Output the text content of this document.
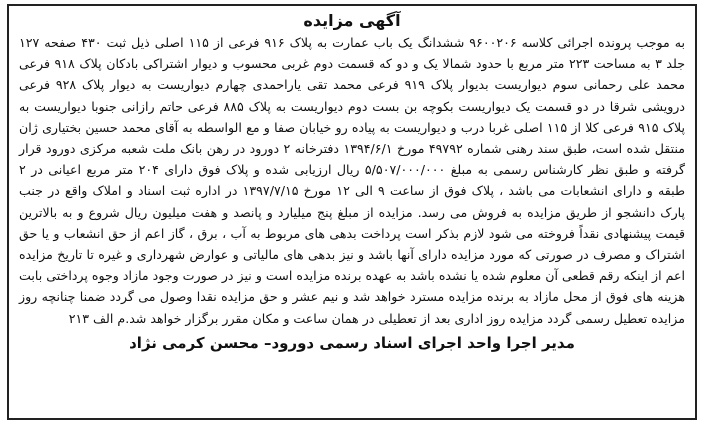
آگهی مزایده
به موجب پرونده اجرائی کلاسه ۹۶۰۰۲۰۶ ششدانگ یک باب عمارت به پلاک ۹۱۶ فرعی از ۱۱۵ اصلی ذیل ثبت ۴۳۰ صفحه ۱۲۷ جلد ۳ به مساحت ۲۲۳ متر مربع با حدود شمالا یک و دو که قسمت دوم غربی محسوب و دیوار اشتراکی بادکان پلاک ۹۱۸ فرعی محمد علی رحمانی سوم دیواریست بدیوار پلاک ۹۱۹ فرعی محمد تقی یاراحمدی چهارم دیواریست به دیوار پلاک ۹۲۸ فرعی درویشی شرقا در دو قسمت یک دیواریست بکوچه بن بست دوم دیواریست به پلاک ۸۸۵ فرعی حاتم رازانی جنوبا دیواریست به پلاک ۹۱۵ فرعی کلا از ۱۱۵ اصلی غربا درب و دیواریست به پیاده رو خیابان صفا و مع الواسطه به آقای محمد حسین بختیاری ژان منتقل شده است، طبق سند رهنی شماره ۴۹۷۹۲ مورخ ۱۳۹۴/۶/۱ دفترخانه ۲ دورود در رهن بانک ملت شعبه مرکزی دورود قرار گرفته و طبق نظر کارشناس رسمی به مبلغ ۵/۵۰۷/۰۰۰/۰۰۰ ریال ارزیابی شده و پلاک فوق دارای ۲۰۴ متر مربع اعیانی در ۲ طبقه و دارای انشعابات می باشد ، پلاک فوق از ساعت ۹ الی ۱۲ مورخ ۱۳۹۷/۷/۱۵ در اداره ثبت اسناد و املاک واقع در جنب پارک دانشجو از طریق مزایده به فروش می رسد. مزایده از مبلغ پنج میلیارد و پانصد و هفت میلیون ریال شروع و به بالاترین قیمت پیشنهادی نقداً فروخته می شود لازم بذکر است پرداخت بدهی های مربوط به آب ، برق ، گاز اعم از حق انشعاب و یا حق اشتراک و مصرف در صورتی که مورد مزایده دارای آنها باشد و نیز بدهی های مالیاتی و عوارض شهرداری و غیره تا تاریخ مزایده اعم از اینکه رقم قطعی آن معلوم شده یا نشده باشد به عهده برنده مزایده است و نیز در صورت وجود مازاد وجوه پرداختی بابت هزینه های فوق از محل مازاد به برنده مزایده مسترد خواهد شد و نیم عشر و حق مزایده نقدا وصول می گردد ضمنا چنانچه روز مزایده تعطیل رسمی گردد مزایده روز اداری بعد از تعطیلی در همان ساعت و مکان مقرر برگزار خواهد شد.م الف ۲۱۳
مدیر اجرا واحد اجرای اسناد رسمی دورود– محسن کرمی نژاد
